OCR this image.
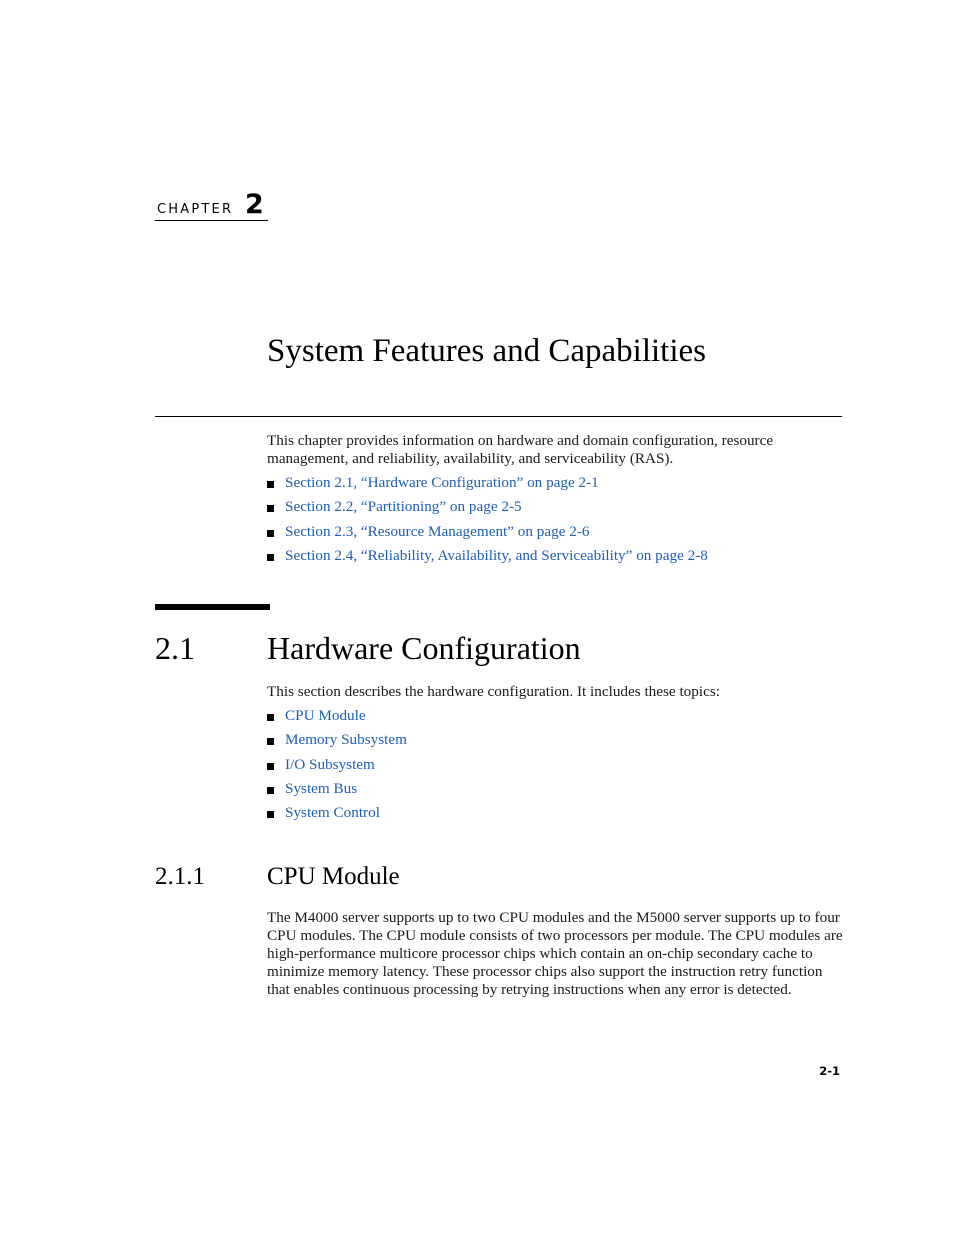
CHAPTER 2
System Features and Capabilities
This chapter provides information on hardware and domain configuration, resource management, and reliability, availability, and serviceability (RAS).
Section 2.1, “Hardware Configuration” on page 2-1
Section 2.2, “Partitioning” on page 2-5
Section 2.3, “Resource Management” on page 2-6
Section 2.4, “Reliability, Availability, and Serviceability” on page 2-8
2.1 Hardware Configuration
This section describes the hardware configuration. It includes these topics:
CPU Module
Memory Subsystem
I/O Subsystem
System Bus
System Control
2.1.1 CPU Module
The M4000 server supports up to two CPU modules and the M5000 server supports up to four CPU modules. The CPU module consists of two processors per module. The CPU modules are high-performance multicore processor chips which contain an on-chip secondary cache to minimize memory latency. These processor chips also support the instruction retry function that enables continuous processing by retrying instructions when any error is detected.
2-1
